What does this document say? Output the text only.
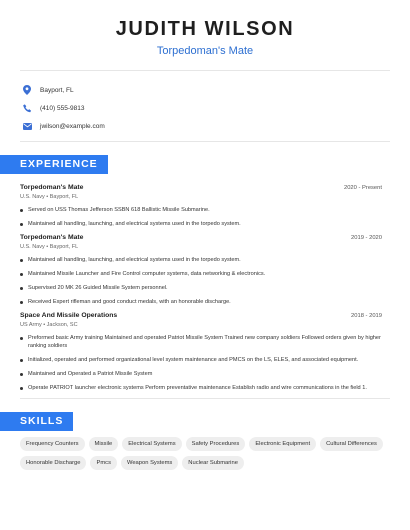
JUDITH WILSON
Torpedoman's Mate
Bayport, FL
(410) 555-9813
jwilson@example.com
EXPERIENCE
Torpedoman's Mate	2020 - Present
U.S. Navy • Bayport, FL
Served on USS Thomas Jefferson SSBN 618 Ballistic Missile Submarine.
Maintained all handling, launching, and electrical systems used in the torpedo system.
Torpedoman's Mate	2019 - 2020
U.S. Navy • Bayport, FL
Maintained all handling, launching, and electrical systems used in the torpedo system.
Maintained Missile Launcher and Fire Control computer systems, data networking & electronics.
Supervised 20 MK 26 Guided Missile System personnel.
Received Expert rifleman and good conduct medals, with an honorable discharge.
Space And Missile Operations	2018 - 2019
US Army • Jackson, SC
Preformed basic Army training Maintained and operated Patriot Missile System Trained new company soldiers Followed orders given by higher ranking soldiers
Initialized, operated and performed organizational level system maintenance and PMCS on the LS, ELES, and associated equipment.
Maintained and Operated a Patriot Missile System
Operate PATRIOT launcher electronic systems Perform preventative maintenance Establish radio and wire communications in the field 1.
SKILLS
Frequency Counters	Missile	Electrical Systems	Safety Procedures	Electronic Equipment	Cultural Differences
Honorable Discharge	Pmcs	Weapon Systems	Nuclear Submarine
